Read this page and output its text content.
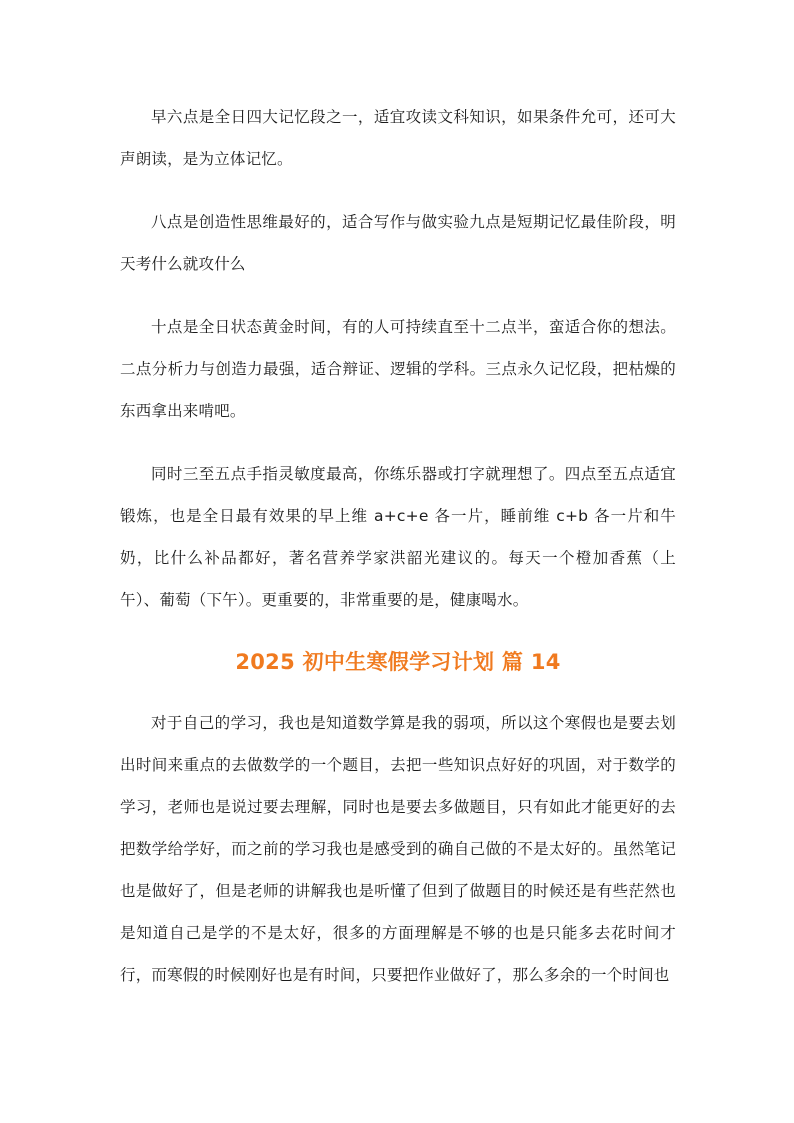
早六点是全日四大记忆段之一，适宜攻读文科知识，如果条件允可，还可大声朗读，是为立体记忆。

八点是创造性思维最好的，适合写作与做实验九点是短期记忆最佳阶段，明天考什么就攻什么

十点是全日状态黄金时间，有的人可持续直至十二点半，蛮适合你的想法。二点分析力与创造力最强，适合辩证、逻辑的学科。三点永久记忆段，把枯燥的东西拿出来啃吧。

同时三至五点手指灵敏度最高，你练乐器或打字就理想了。四点至五点适宜锻炼，也是全日最有效果的早上维 a+c+e 各一片，睡前维 c+b 各一片和牛奶，比什么补品都好，著名营养学家洪韶光建议的。每天一个橙加香蕉（上午）、葡萄（下午）。更重要的，非常重要的是，健康喝水。

2025 初中生寒假学习计划 篇 14

对于自己的学习，我也是知道数学算是我的弱项，所以这个寒假也是要去划出时间来重点的去做数学的一个题目，去把一些知识点好好的巩固，对于数学的学习，老师也是说过要去理解，同时也是要去多做题目，只有如此才能更好的去把数学给学好，而之前的学习我也是感受到的确自己做的不是太好的。虽然笔记也是做好了，但是老师的讲解我也是听懂了但到了做题目的时候还是有些茫然也是知道自己是学的不是太好，很多的方面理解是不够的也是只能多去花时间才行，而寒假的时候刚好也是有时间，只要把作业做好了，那么多余的一个时间也
